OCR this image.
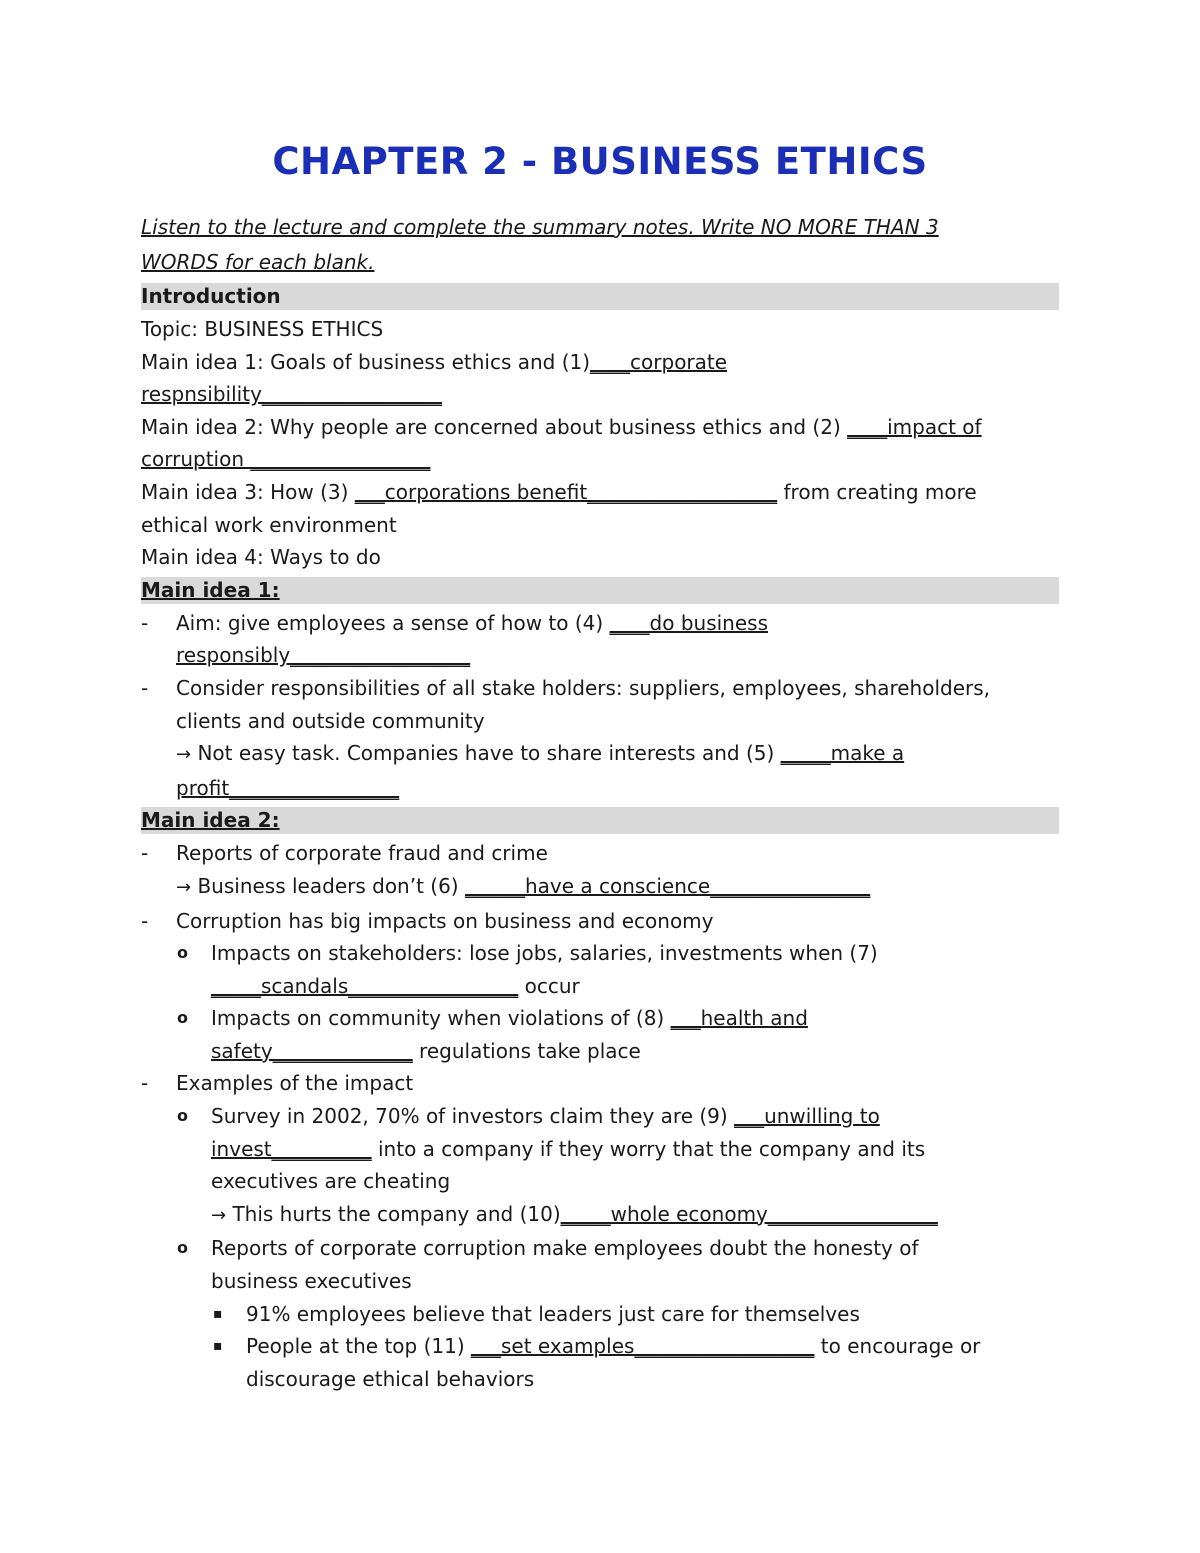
CHAPTER 2 - BUSINESS ETHICS
Listen to the lecture and complete the summary notes. Write NO MORE THAN 3
WORDS for each blank.
Introduction
Topic: BUSINESS ETHICS
Main idea 1: Goals of business ethics and (1)____corporate
respnsibility__________________
Main idea 2: Why people are concerned about business ethics and (2) ____impact of
corruption __________________
Main idea 3: How (3) ___corporations benefit___________________ from creating more
ethical work environment
Main idea 4: Ways to do
Main idea 1:
- Aim: give employees a sense of how to (4) ____do business
responsibly__________________
- Consider responsibilities of all stake holders: suppliers, employees, shareholders,
clients and outside community
→ Not easy task. Companies have to share interests and (5) _____make a
profit_________________
Main idea 2:
- Reports of corporate fraud and crime
→ Business leaders don’t (6) ______have a conscience________________
- Corruption has big impacts on business and economy
o Impacts on stakeholders: lose jobs, salaries, investments when (7)
_____scandals_________________ occur
o Impacts on community when violations of (8) ___health and
safety______________ regulations take place
- Examples of the impact
o Survey in 2002, 70% of investors claim they are (9) ___unwilling to
invest__________ into a company if they worry that the company and its
executives are cheating
→ This hurts the company and (10)_____whole economy_________________
o Reports of corporate corruption make employees doubt the honesty of
business executives
▪ 91% employees believe that leaders just care for themselves
▪ People at the top (11) ___set examples__________________ to encourage or
discourage ethical behaviors
